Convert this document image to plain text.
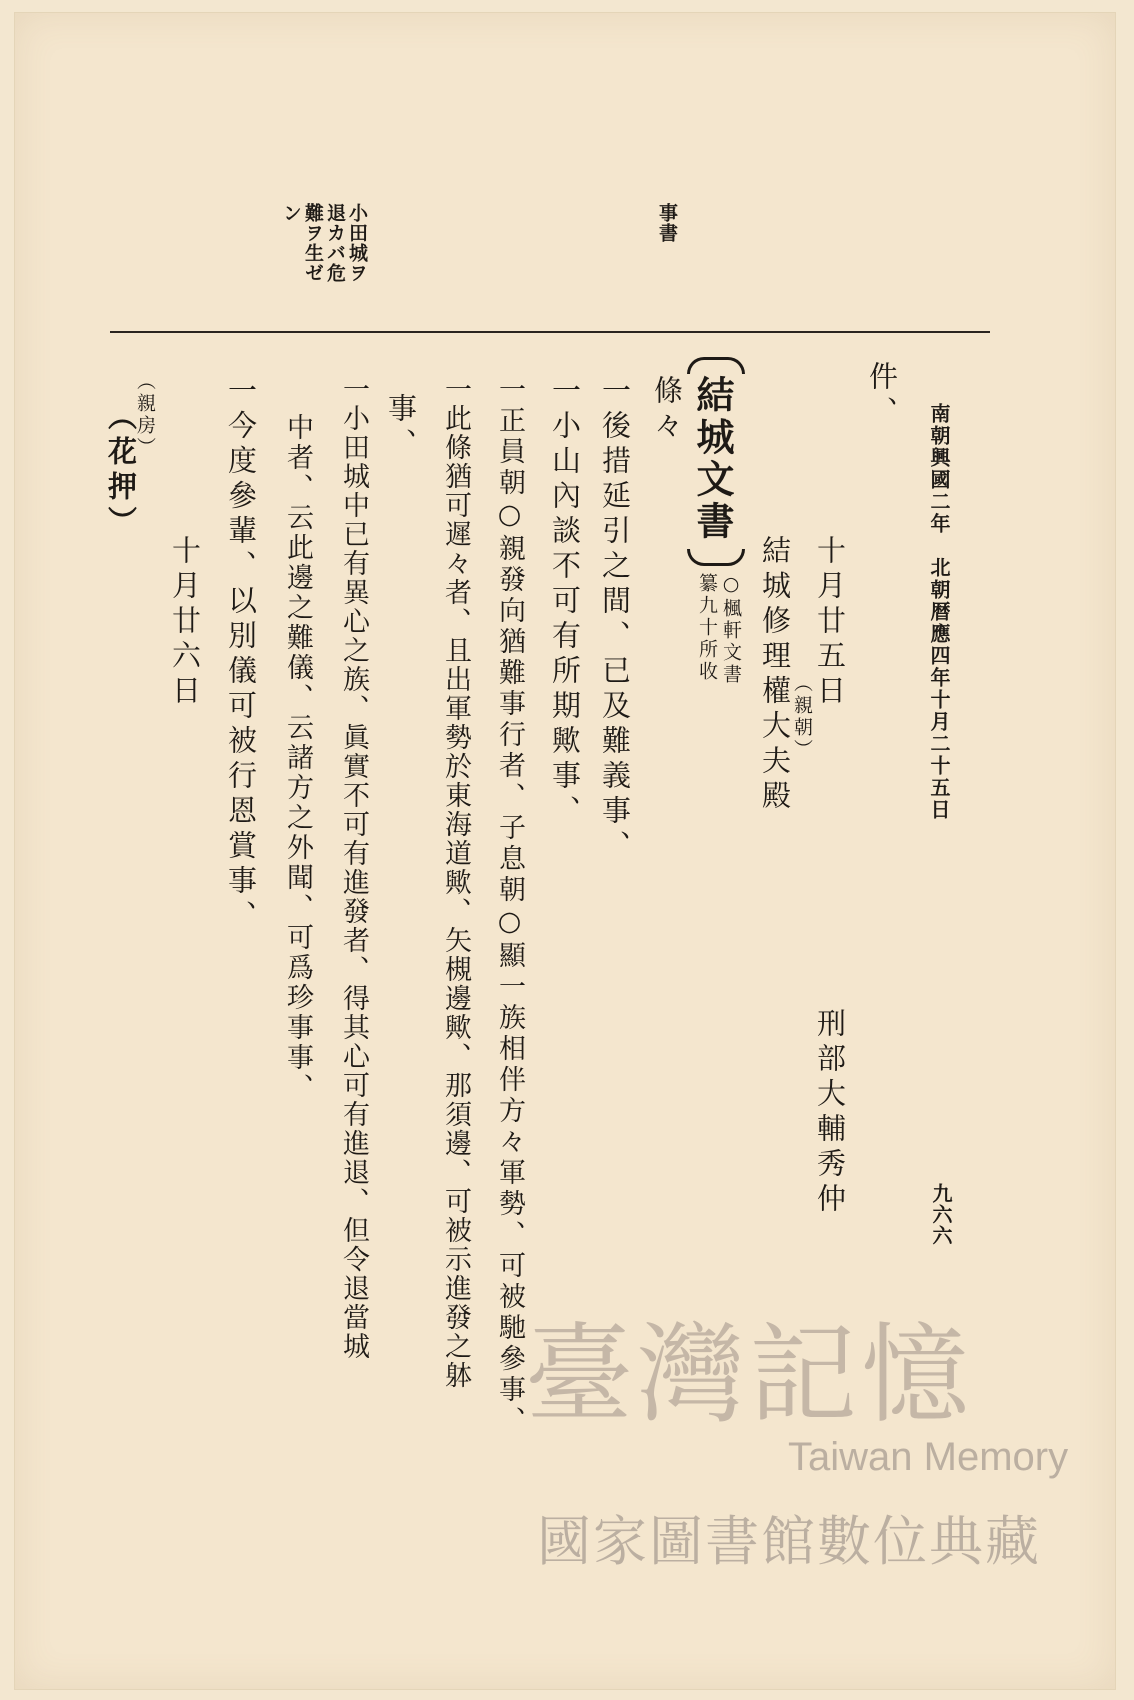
南朝興國二年　北朝暦應四年十月二十五日
九六六
事書
小田城ヲ
退カバ危
難ヲ生ゼ
ン
件、
十月廿五日
刑部大輔秀仲
結城修理權大夫殿 （親朝）
結城文書
○楓軒文書
纂九十所收
條々
一後措延引之間、已及難義事、
一小山內談不可有所期歟事、
一正員朝○親發向猶難事行者、子息朝○顯一族相伴方々軍勢、可被馳參事、
一此條猶可遲々者、且出軍勢於東海道歟、矢槻邊歟、那須邊、可被示進發之躰
事、
一小田城中已有異心之族、眞實不可有進發者、得其心可有進退、但令退當城
中者、云此邊之難儀、云諸方之外聞、可爲珍事事、
一今度參輩、以別儀可被行恩賞事、
十月廿六日
（親房）
（花押）
臺灣記憶
Taiwan Memory
國家圖書館數位典藏
